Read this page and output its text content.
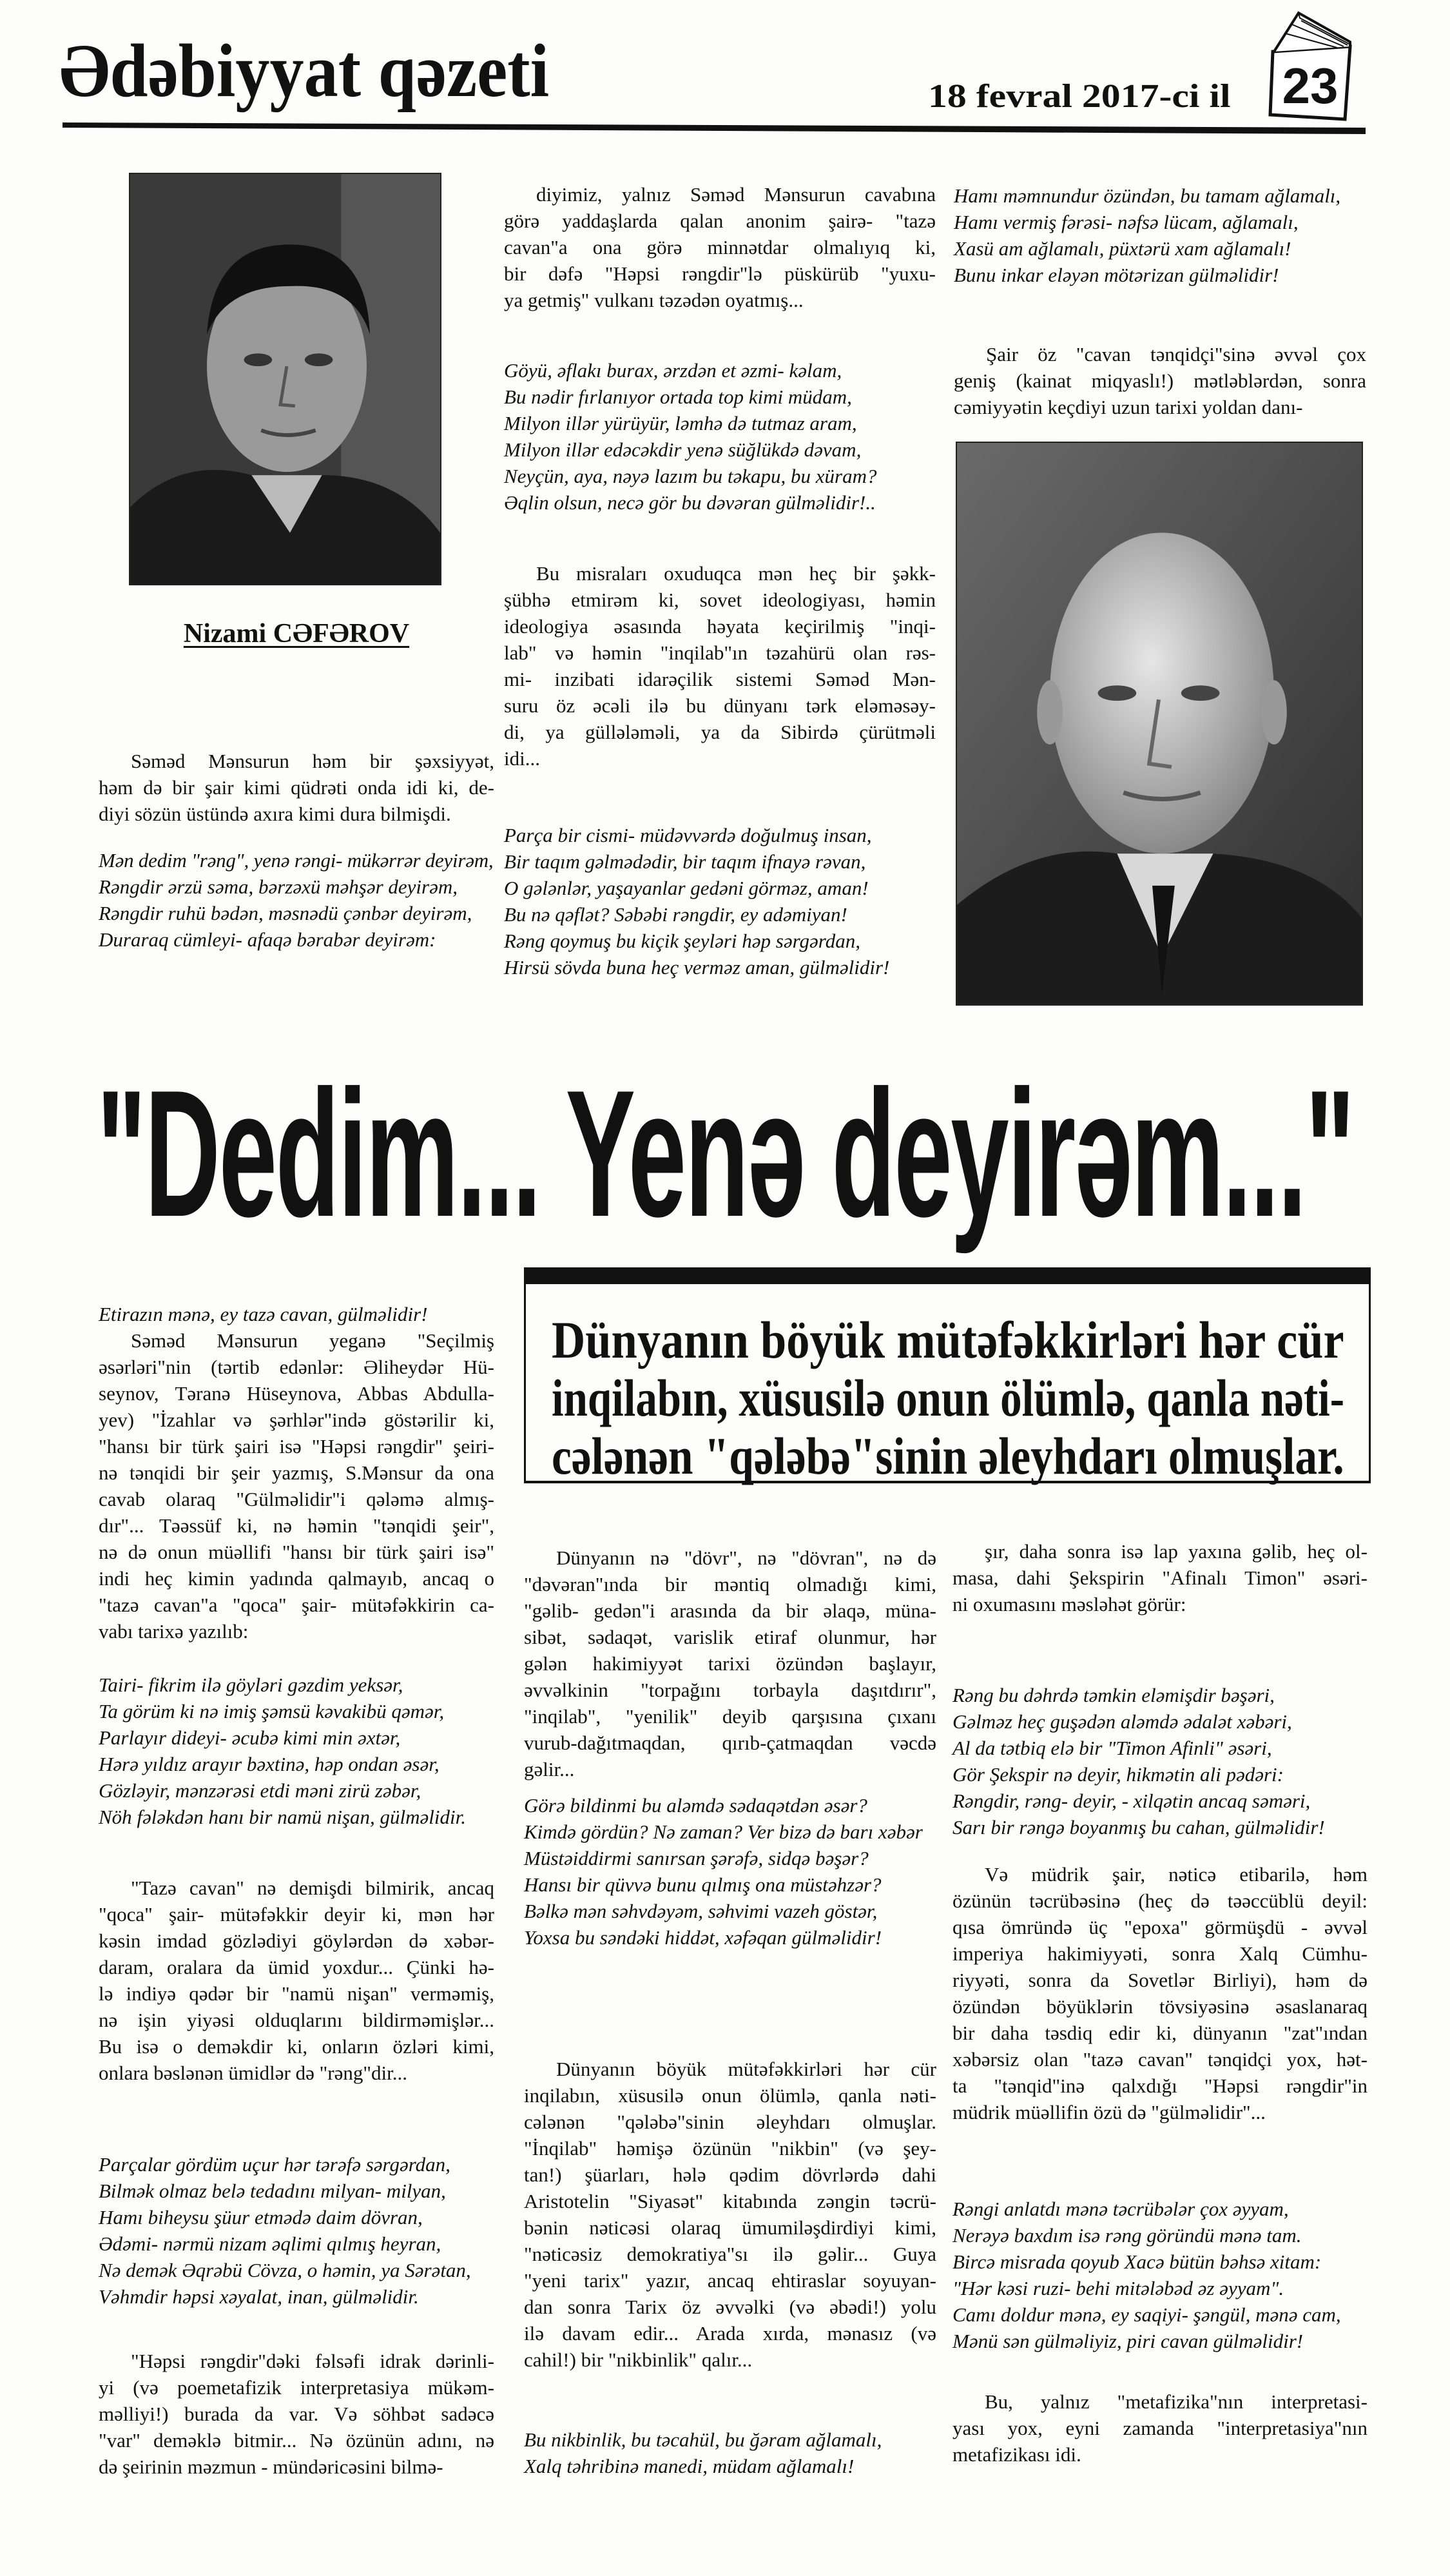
Ədəbiyyat qəzeti	18 fevral 2017-ci il 23
Nizami CƏFƏROV
Səməd Mənsurun həm bir şəxsiyyət,
həm də bir şair kimi qüdrəti onda idi ki, de-
diyi sözün üstündə axıra kimi dura bilmişdi.
Mən dedim "rəng", yenə rəngi- mükərrər deyirəm,
Rəngdir ərzü səma, bərzəxü məhşər deyirəm,
Rəngdir ruhü bədən, məsnədü çənbər deyirəm,
Duraraq cümleyi- afaqə bərabər deyirəm:
diyimiz, yalnız Səməd Mənsurun cavabına
görə yaddaşlarda qalan anonim şairə- "tazə
cavan"a ona görə minnətdar olmalıyıq ki,
bir dəfə "Həpsi rəngdir"lə püskürüb "yuxu-
ya getmiş" vulkanı təzədən oyatmış...
Göyü, əflakı burax, ərzdən et əzmi- kəlam,
Bu nədir fırlanıyor ortada top kimi müdam,
Milyon illər yürüyür, ləmhə də tutmaz aram,
Milyon illər edəcəkdir yenə süğlükdə dəvam,
Neyçün, aya, nəyə lazım bu təkapu, bu xüram?
Əqlin olsun, necə gör bu dəvəran gülməlidir!..
Bu misraları oxuduqca mən heç bir şəkk-
şübhə etmirəm ki, sovet ideologiyası, həmin
ideologiya əsasında həyata keçirilmiş "inqi-
lab" və həmin "inqilab"ın təzahürü olan rəs-
mi- inzibati idarəçilik sistemi Səməd Mən-
suru öz əcəli ilə bu dünyanı tərk eləməsəy-
di, ya güllələməli, ya da Sibirdə çürütməli
idi...
Parça bir cismi- müdəvvərdə doğulmuş insan,
Bir taqım gəlmədədir, bir taqım ifnayə rəvan,
O gələnlər, yaşayanlar gedəni görməz, aman!
Bu nə qəflət? Səbəbi rəngdir, ey adəmiyan!
Rəng qoymuş bu kiçik şeyləri həp sərgərdan,
Hirsü sövda buna heç verməz aman, gülməlidir!
Hamı məmnundur özündən, bu tamam ağlamalı,
Hamı vermiş fərəsi- nəfsə lücam, ağlamalı,
Xasü am ağlamalı, püxtərü xam ağlamalı!
Bunu inkar eləyən mötərizan gülməlidir!
Şair öz "cavan tənqidçi"sinə əvvəl çox
geniş (kainat miqyaslı!) mətləblərdən, sonra
cəmiyyətin keçdiyi uzun tarixi yoldan danı-
"Dedim... Yenə deyirəm..."
Dünyanın böyük mütəfəkkirləri hər cür
inqilabın, xüsusilə onun ölümlə, qanla nəti-
cələnən "qələbə"sinin əleyhdarı olmuşlar.
Etirazın mənə, ey tazə cavan, gülməlidir!
Səməd Mənsurun yeganə "Seçilmiş
əsərləri"nin (tərtib edənlər: Əliheydər Hü-
seynov, Təranə Hüseynova, Abbas Abdulla-
yev) "İzahlar və şərhlər"ində göstərilir ki,
"hansı bir türk şairi isə "Həpsi rəngdir" şeiri-
nə tənqidi bir şeir yazmış, S.Mənsur da ona
cavab olaraq "Gülməlidir"i qələmə almış-
dır"... Təəssüf ki, nə həmin "tənqidi şeir",
nə də onun müəllifi "hansı bir türk şairi isə"
indi heç kimin yadında qalmayıb, ancaq o
"tazə cavan"a "qoca" şair- mütəfəkkirin ca-
vabı tarixə yazılıb:
Tairi- fikrim ilə göyləri gəzdim yeksər,
Ta görüm ki nə imiş şəmsü kəvakibü qəmər,
Parlayır dideyi- əcubə kimi min əxtər,
Hərə yıldız arayır bəxtinə, həp ondan əsər,
Gözləyir, mənzərəsi etdi məni zirü zəbər,
Nöh fələkdən hanı bir namü nişan, gülməlidir.
"Tazə cavan" nə demişdi bilmirik, ancaq
"qoca" şair- mütəfəkkir deyir ki, mən hər
kəsin imdad gözlədiyi göylərdən də xəbər-
daram, oralara da ümid yoxdur... Çünki hə-
lə indiyə qədər bir "namü nişan" verməmiş,
nə işin yiyəsi olduqlarını bildirməmişlər...
Bu isə o deməkdir ki, onların özləri kimi,
onlara bəslənən ümidlər də "rəng"dir...
Parçalar gördüm uçur hər tərəfə sərgərdan,
Bilmək olmaz belə tedadını milyan- milyan,
Hamı biheysu şüur etmədə daim dövran,
Ədəmi- nərmü nizam əqlimi qılmış heyran,
Nə demək Əqrəbü Cövza, o həmin, ya Sərətan,
Vəhmdir həpsi xəyalat, inan, gülməlidir.
"Həpsi rəngdir"dəki fəlsəfi idrak dərinli-
yi (və poemetafizik interpretasiya mükəm-
məlliyi!) burada da var. Və söhbət sadəcə
"var" deməklə bitmir... Nə özünün adını, nə
də şeirinin məzmun - mündəricəsini bilmə-
Dünyanın nə "dövr", nə "dövran", nə də
"dəvəran"ında bir məntiq olmadığı kimi,
"gəlib- gedən"i arasında da bir əlaqə, müna-
sibət, sədaqət, varislik etiraf olunmur, hər
gələn hakimiyyət tarixi özündən başlayır,
əvvəlkinin "torpağını torbayla daşıtdırır",
"inqilab", "yenilik" deyib qarşısına çıxanı
vurub-dağıtmaqdan, qırıb-çatmaqdan vəcdə
gəlir...
Görə bildinmi bu aləmdə sədaqətdən əsər?
Kimdə gördün? Nə zaman? Ver bizə də barı xəbər
Müstəiddirmi sanırsan şərəfə, sidqə bəşər?
Hansı bir qüvvə bunu qılmış ona müstəhzər?
Bəlkə mən səhvdəyəm, səhvimi vazeh göstər,
Yoxsa bu səndəki hiddət, xəfəqan gülməlidir!
Dünyanın böyük mütəfəkkirləri hər cür
inqilabın, xüsusilə onun ölümlə, qanla nəti-
cələnən "qələbə"sinin əleyhdarı olmuşlar.
"İnqilab" həmişə özünün "nikbin" (və şey-
tan!) şüarları, hələ qədim dövrlərdə dahi
Aristotelin "Siyasət" kitabında zəngin təcrü-
bənin nəticəsi olaraq ümumiləşdirdiyi kimi,
"nəticəsiz demokratiya"sı ilə gəlir... Guya
"yeni tarix" yazır, ancaq ehtiraslar soyuyan-
dan sonra Tarix öz əvvəlki (və əbədi!) yolu
ilə davam edir... Arada xırda, mənasız (və
cahil!) bir "nikbinlik" qalır...
Bu nikbinlik, bu təcahül, bu ğəram ağlamalı,
Xalq təhribinə manedi, müdam ağlamalı!
şır, daha sonra isə lap yaxına gəlib, heç ol-
masa, dahi Şekspirin "Afinalı Timon" əsəri-
ni oxumasını məsləhət görür:
Rəng bu dəhrdə təmkin eləmişdir bəşəri,
Gəlməz heç guşədən aləmdə ədalət xəbəri,
Al da tətbiq elə bir "Timon Afinli" əsəri,
Gör Şekspir nə deyir, hikmətin ali pədəri:
Rəngdir, rəng- deyir, - xilqətin ancaq səməri,
Sarı bir rəngə boyanmış bu cahan, gülməlidir!
Və müdrik şair, nəticə etibarilə, həm
özünün təcrübəsinə (heç də təəccüblü deyil:
qısa ömründə üç "epoxa" görmüşdü - əvvəl
imperiya hakimiyyəti, sonra Xalq Cümhu-
riyyəti, sonra da Sovetlər Birliyi), həm də
özündən böyüklərin tövsiyəsinə əsaslanaraq
bir daha təsdiq edir ki, dünyanın "zat"ından
xəbərsiz olan "tazə cavan" tənqidçi yox, hət-
ta "tənqid"inə qalxdığı "Həpsi rəngdir"in
müdrik müəllifin özü də "gülməlidir"...
Rəngi anlatdı mənə təcrübələr çox əyyam,
Nerəyə baxdım isə rəng göründü mənə tam.
Bircə misrada qoyub Xacə bütün bəhsə xitam:
"Hər kəsi ruzi- behi mitələbəd əz əyyam".
Camı doldur mənə, ey saqiyi- şəngül, mənə cam,
Mənü sən gülməliyiz, piri cavan gülməlidir!
Bu, yalnız "metafizika"nın interpretasi-
yası yox, eyni zamanda "interpretasiya"nın
metafizikası idi.
